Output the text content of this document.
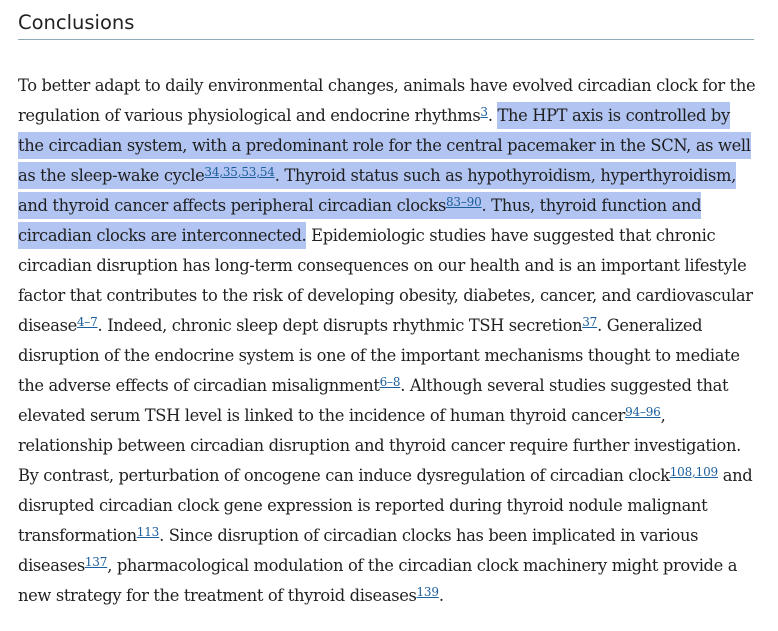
Conclusions

To better adapt to daily environmental changes, animals have evolved circadian clock for the
regulation of various physiological and endocrine rhythms$^3$. The HPT axis is controlled by
the circadian system, with a predominant role for the central pacemaker in the SCN, as well
as the sleep-wake cycle$^{34,35,53,54}$. Thyroid status such as hypothyroidism, hyperthyroidism,
and thyroid cancer affects peripheral circadian clocks$^{83-90}$. Thus, thyroid function and
circadian clocks are interconnected. Epidemiologic studies have suggested that chronic
circadian disruption has long-term consequences on our health and is an important lifestyle
factor that contributes to the risk of developing obesity, diabetes, cancer, and cardiovascular
disease$^{4-7}$. Indeed, chronic sleep dept disrupts rhythmic TSH secretion$^{37}$. Generalized
disruption of the endocrine system is one of the important mechanisms thought to mediate
the adverse effects of circadian misalignment$^{6-8}$. Although several studies suggested that
elevated serum TSH level is linked to the incidence of human thyroid cancer$^{94-96}$,
relationship between circadian disruption and thyroid cancer require further investigation.
By contrast, perturbation of oncogene can induce dysregulation of circadian clock$^{108,109}$ and
disrupted circadian clock gene expression is reported during thyroid nodule malignant
transformation$^{113}$. Since disruption of circadian clocks has been implicated in various
diseases$^{137}$, pharmacological modulation of the circadian clock machinery might provide a
new strategy for the treatment of thyroid diseases$^{139}$.
